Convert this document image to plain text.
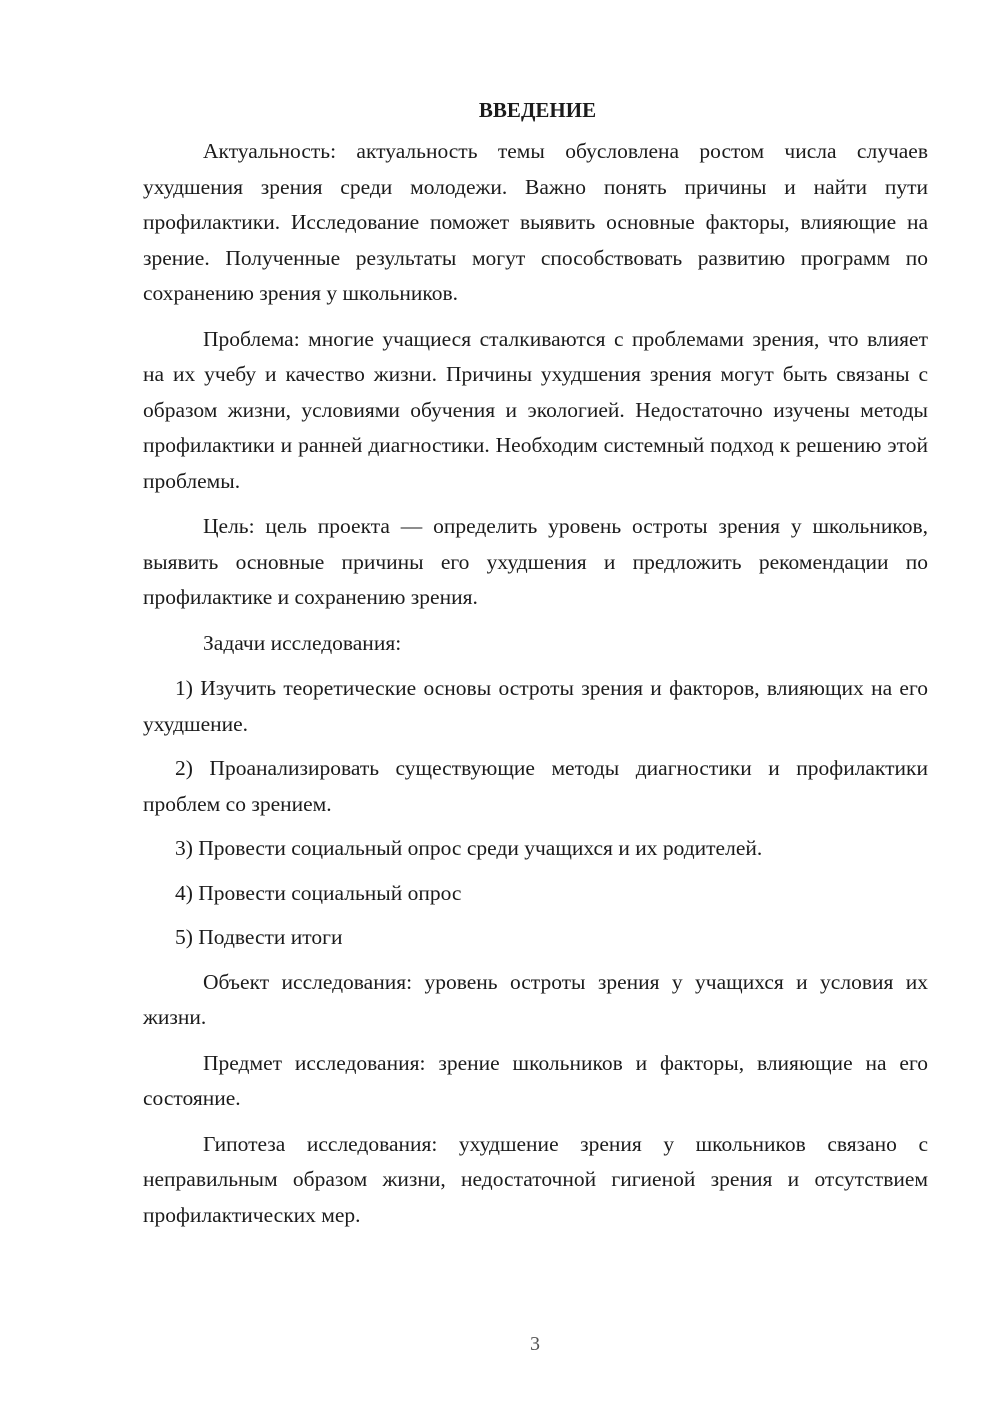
ВВЕДЕНИЕ

Актуальность: актуальность темы обусловлена ростом числа случаев ухудшения зрения среди молодежи. Важно понять причины и найти пути профилактики. Исследование поможет выявить основные факторы, влияющие на зрение. Полученные результаты могут способствовать развитию программ по сохранению зрения у школьников.

Проблема: многие учащиеся сталкиваются с проблемами зрения, что влияет на их учебу и качество жизни. Причины ухудшения зрения могут быть связаны с образом жизни, условиями обучения и экологией. Недостаточно изучены методы профилактики и ранней диагностики. Необходим системный подход к решению этой проблемы.

Цель: цель проекта — определить уровень остроты зрения у школьников, выявить основные причины его ухудшения и предложить рекомендации по профилактике и сохранению зрения.

Задачи исследования:

1) Изучить теоретические основы остроты зрения и факторов, влияющих на его ухудшение.

2) Проанализировать существующие методы диагностики и профилактики проблем со зрением.

3) Провести социальный опрос среди учащихся и их родителей.

4) Провести социальный опрос

5) Подвести итоги

Объект исследования: уровень остроты зрения у учащихся и условия их жизни.

Предмет исследования: зрение школьников и факторы, влияющие на его состояние.

Гипотеза исследования: ухудшение зрения у школьников связано с неправильным образом жизни, недостаточной гигиеной зрения и отсутствием профилактических мер.

3
